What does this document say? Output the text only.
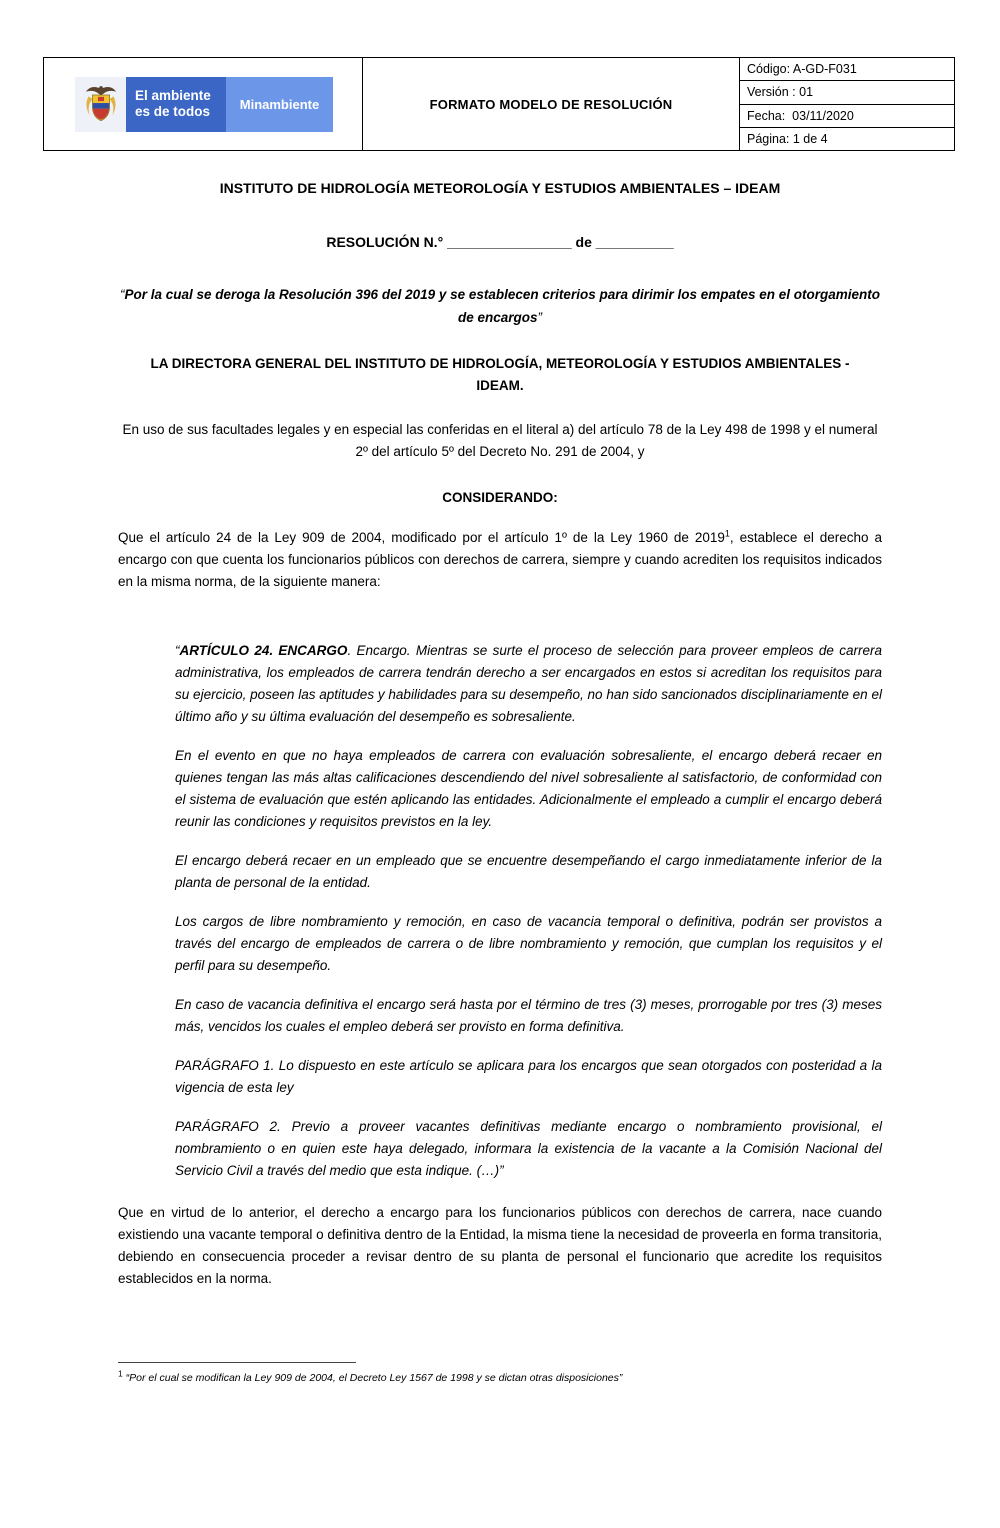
El ambiente
es de todos	Minambiente	FORMATO MODELO DE RESOLUCIÓN
Código: A-GD-F031
Versión : 01
Fecha:  03/11/2020
Página: 1 de 4

INSTITUTO DE HIDROLOGÍA METEOROLOGÍA Y ESTUDIOS AMBIENTALES – IDEAM

RESOLUCIÓN N.° ________________ de __________

“Por la cual se deroga la Resolución 396 del 2019 y se establecen criterios para dirimir los empates en el otorgamiento de encargos”

LA DIRECTORA GENERAL DEL INSTITUTO DE HIDROLOGÍA, METEOROLOGÍA Y ESTUDIOS AMBIENTALES - IDEAM.

En uso de sus facultades legales y en especial las conferidas en el literal a) del artículo 78 de la Ley 498 de 1998 y el numeral 2º del artículo 5º del Decreto No. 291 de 2004, y

CONSIDERANDO:

Que el artículo 24 de la Ley 909 de 2004, modificado por el artículo 1º de la Ley 1960 de 2019$^1$, establece el derecho a encargo con que cuenta los funcionarios públicos con derechos de carrera, siempre y cuando acrediten los requisitos indicados en la misma norma, de la siguiente manera:

“ARTÍCULO 24. ENCARGO. Encargo. Mientras se surte el proceso de selección para proveer empleos de carrera administrativa, los empleados de carrera tendrán derecho a ser encargados en estos si acreditan los requisitos para su ejercicio, poseen las aptitudes y habilidades para su desempeño, no han sido sancionados disciplinariamente en el último año y su última evaluación del desempeño es sobresaliente.

En el evento en que no haya empleados de carrera con evaluación sobresaliente, el encargo deberá recaer en quienes tengan las más altas calificaciones descendiendo del nivel sobresaliente al satisfactorio, de conformidad con el sistema de evaluación que estén aplicando las entidades. Adicionalmente el empleado a cumplir el encargo deberá reunir las condiciones y requisitos previstos en la ley.

El encargo deberá recaer en un empleado que se encuentre desempeñando el cargo inmediatamente inferior de la planta de personal de la entidad.

Los cargos de libre nombramiento y remoción, en caso de vacancia temporal o definitiva, podrán ser provistos a través del encargo de empleados de carrera o de libre nombramiento y remoción, que cumplan los requisitos y el perfil para su desempeño.

En caso de vacancia definitiva el encargo será hasta por el término de tres (3) meses, prorrogable por tres (3) meses más, vencidos los cuales el empleo deberá ser provisto en forma definitiva.

PARÁGRAFO 1. Lo dispuesto en este artículo se aplicara para los encargos que sean otorgados con posteridad a la vigencia de esta ley

PARÁGRAFO 2. Previo a proveer vacantes definitivas mediante encargo o nombramiento provisional, el nombramiento o en quien este haya delegado, informara la existencia de la vacante a la Comisión Nacional del Servicio Civil a través del medio que esta indique. (…)”

Que en virtud de lo anterior, el derecho a encargo para los funcionarios públicos con derechos de carrera, nace cuando existiendo una vacante temporal o definitiva dentro de la Entidad, la misma tiene la necesidad de proveerla en forma transitoria, debiendo en consecuencia proceder a revisar dentro de su planta de personal el funcionario que acredite los requisitos establecidos en la norma.

$^1$ “Por el cual se modifican la Ley 909 de 2004, el Decreto Ley 1567 de 1998 y se dictan otras disposiciones”
